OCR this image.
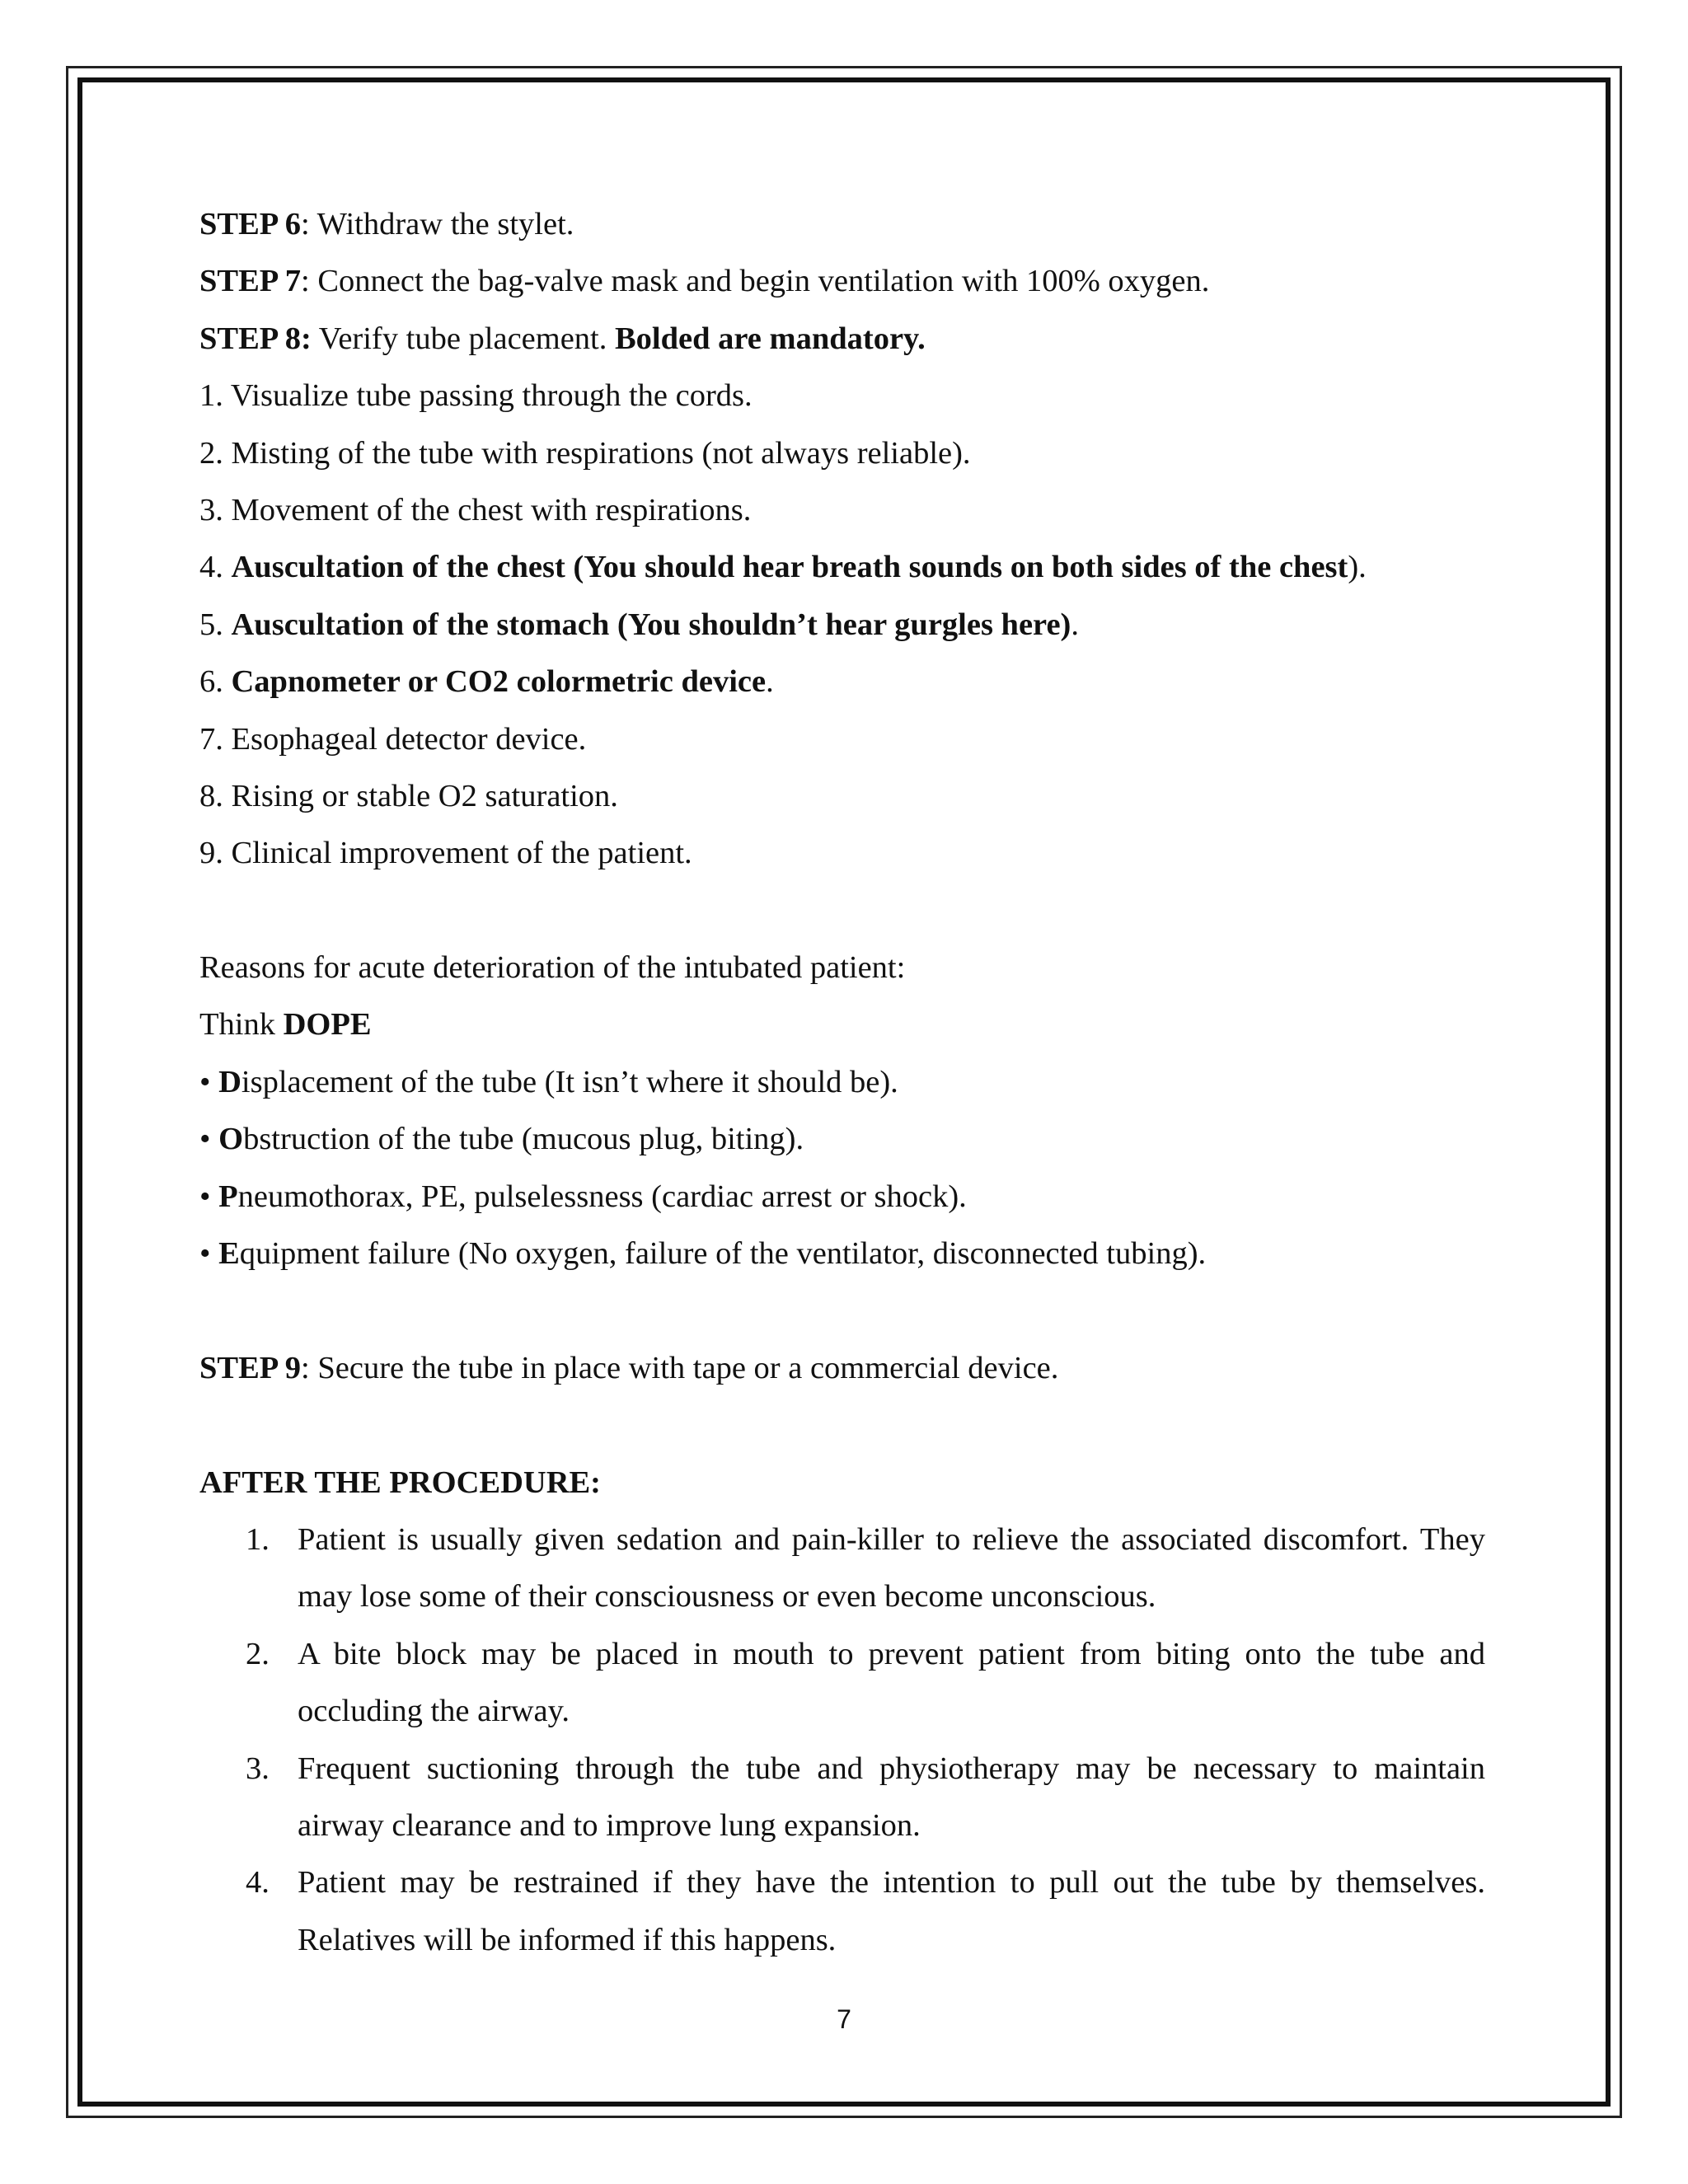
STEP 6: Withdraw the stylet.
STEP 7: Connect the bag-valve mask and begin ventilation with 100% oxygen.
STEP 8: Verify tube placement. Bolded are mandatory.
1. Visualize tube passing through the cords.
2. Misting of the tube with respirations (not always reliable).
3. Movement of the chest with respirations.
4. Auscultation of the chest (You should hear breath sounds on both sides of the chest).
5. Auscultation of the stomach (You shouldn’t hear gurgles here).
6. Capnometer or CO2 colormetric device.
7. Esophageal detector device.
8. Rising or stable O2 saturation.
9. Clinical improvement of the patient.
Reasons for acute deterioration of the intubated patient:
Think DOPE
• Displacement of the tube (It isn’t where it should be).
• Obstruction of the tube (mucous plug, biting).
• Pneumothorax, PE, pulselessness (cardiac arrest or shock).
• Equipment failure (No oxygen, failure of the ventilator, disconnected tubing).
STEP 9: Secure the tube in place with tape or a commercial device.
AFTER THE PROCEDURE:
1. Patient is usually given sedation and pain-killer to relieve the associated discomfort. They may lose some of their consciousness or even become unconscious.
2. A bite block may be placed in mouth to prevent patient from biting onto the tube and occluding the airway.
3. Frequent suctioning through the tube and physiotherapy may be necessary to maintain airway clearance and to improve lung expansion.
4. Patient may be restrained if they have the intention to pull out the tube by themselves. Relatives will be informed if this happens.
7
